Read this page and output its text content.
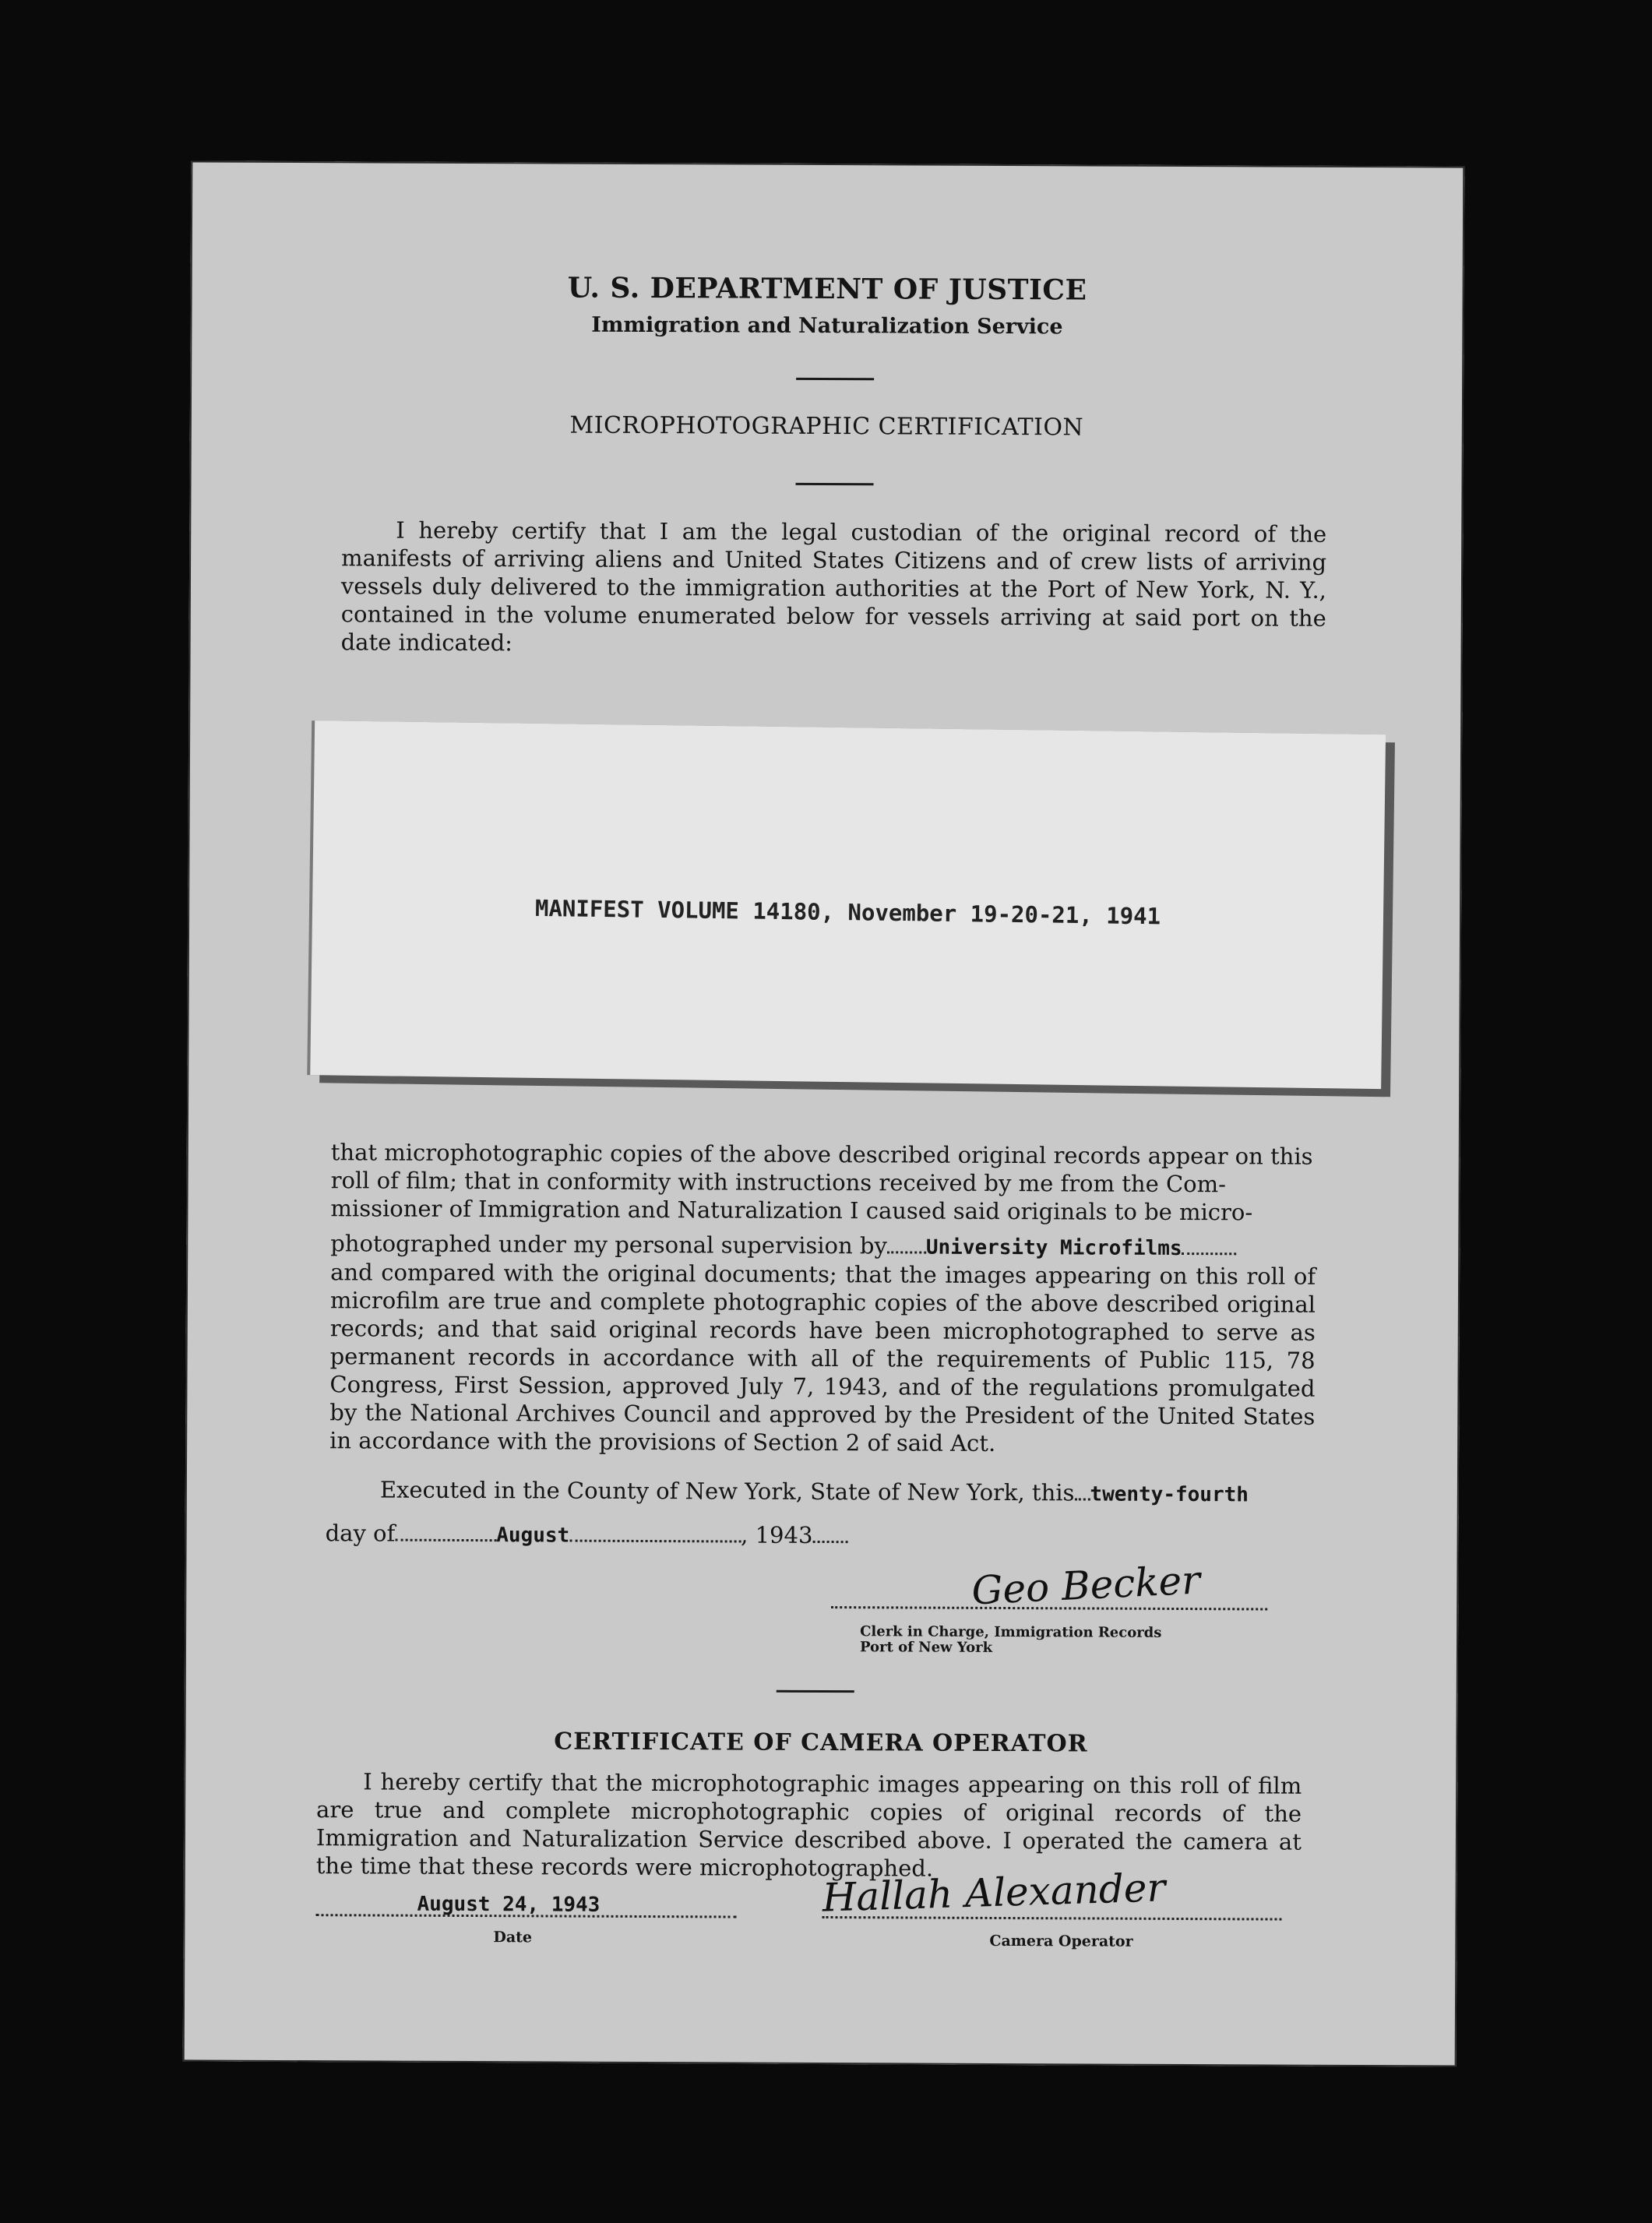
U. S. DEPARTMENT OF JUSTICE
Immigration and Naturalization Service
MICROPHOTOGRAPHIC CERTIFICATION
I hereby certify that I am the legal custodian of the original record of the manifests of arriving aliens and United States Citizens and of crew lists of arriving vessels duly delivered to the immigration authorities at the Port of New York, N. Y., contained in the volume enumerated below for vessels arriving at said port on the date indicated:
MANIFEST VOLUME 14180, November 19-20-21, 1941
that microphotographic copies of the above described original records appear on this
roll of film; that in conformity with instructions received by me from the Com-
missioner of Immigration and Naturalization I caused said originals to be micro-
photographed under my personal supervision by University Microfilms
and compared with the original documents; that the images appearing on this roll of microfilm are true and complete photographic copies of the above described original records; and that said original records have been microphotographed to serve as permanent records in accordance with all of the requirements of Public 115, 78 Congress, First Session, approved July 7, 1943, and of the regulations promulgated by the National Archives Council and approved by the President of the United States in accordance with the provisions of Section 2 of said Act.
Executed in the County of New York, State of New York, this twenty-fourth
day of	August	, 1943
Geo Becker
Clerk in Charge, Immigration Records
Port of New York
CERTIFICATE OF CAMERA OPERATOR
I hereby certify that the microphotographic images appearing on this roll of film are true and complete microphotographic copies of original records of the Immigration and Naturalization Service described above. I operated the camera at the time that these records were microphotographed.
August 24, 1943
Date
Hallah Alexander
Camera Operator
